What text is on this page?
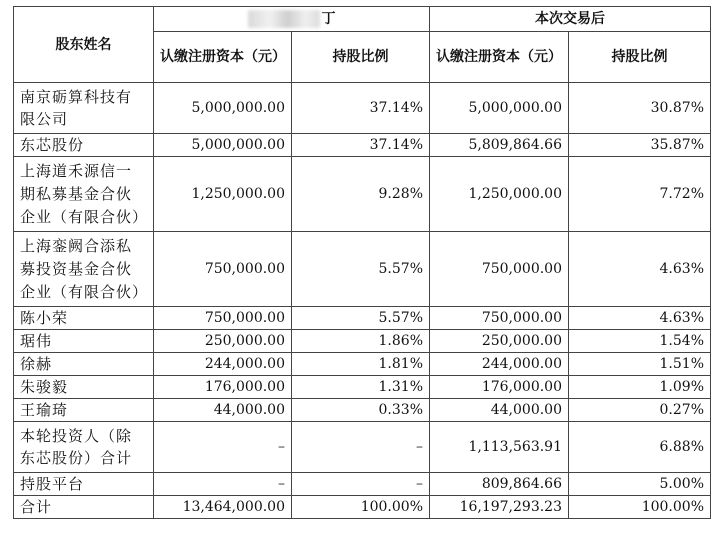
股东姓名	丁		本次交易后	
	认缴注册资本（元）	持股比例	认缴注册资本（元）	持股比例
南京砺算科技有限公司	5,000,000.00	37.14%	5,000,000.00	30.87%
东芯股份	5,000,000.00	37.14%	5,809,864.66	35.87%
上海道禾源信一期私募基金合伙企业（有限合伙）	1,250,000.00	9.28%	1,250,000.00	7.72%
上海銮阙合添私募投资基金合伙企业（有限合伙）	750,000.00	5.57%	750,000.00	4.63%
陈小荣	750,000.00	5.57%	750,000.00	4.63%
琚伟	250,000.00	1.86%	250,000.00	1.54%
徐赫	244,000.00	1.81%	244,000.00	1.51%
朱骏毅	176,000.00	1.31%	176,000.00	1.09%
王瑜琦	44,000.00	0.33%	44,000.00	0.27%
本轮投资人（除东芯股份）合计	–	–	1,113,563.91	6.88%
持股平台	–	–	809,864.66	5.00%
合计	13,464,000.00	100.00%	16,197,293.23	100.00%
